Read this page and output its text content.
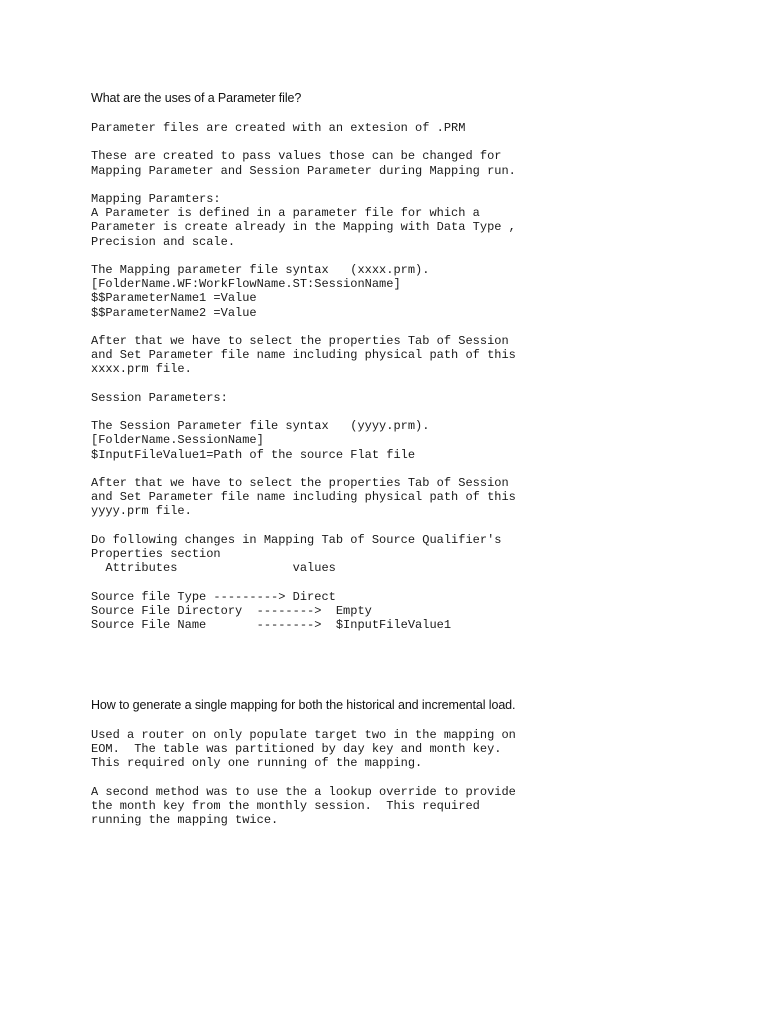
What are the uses of a Parameter file?
Parameter files are created with an extesion of .PRM

These are created to pass values those can be changed for
Mapping Parameter and Session Parameter during Mapping run.

Mapping Paramters:
A Parameter is defined in a parameter file for which a
Parameter is create already in the Mapping with Data Type ,
Precision and scale.

The Mapping parameter file syntax   (xxxx.prm).
[FolderName.WF:WorkFlowName.ST:SessionName]
$$ParameterName1 =Value
$$ParameterName2 =Value

After that we have to select the properties Tab of Session
and Set Parameter file name including physical path of this
xxxx.prm file.

Session Parameters:

The Session Parameter file syntax   (yyyy.prm).
[FolderName.SessionName]
$InputFileValue1=Path of the source Flat file

After that we have to select the properties Tab of Session
and Set Parameter file name including physical path of this
yyyy.prm file.

Do following changes in Mapping Tab of Source Qualifier's
Properties section
Attributes                values

Source file Type ---------> Direct
Source File Directory  -------->  Empty
Source File Name       -------->  $InputFileValue1
How to generate a single mapping for both the historical and incremental load.
Used a router on only populate target two in the mapping on
EOM.  The table was partitioned by day key and month key.
This required only one running of the mapping.

A second method was to use the a lookup override to provide
the month key from the monthly session.  This required
running the mapping twice.
